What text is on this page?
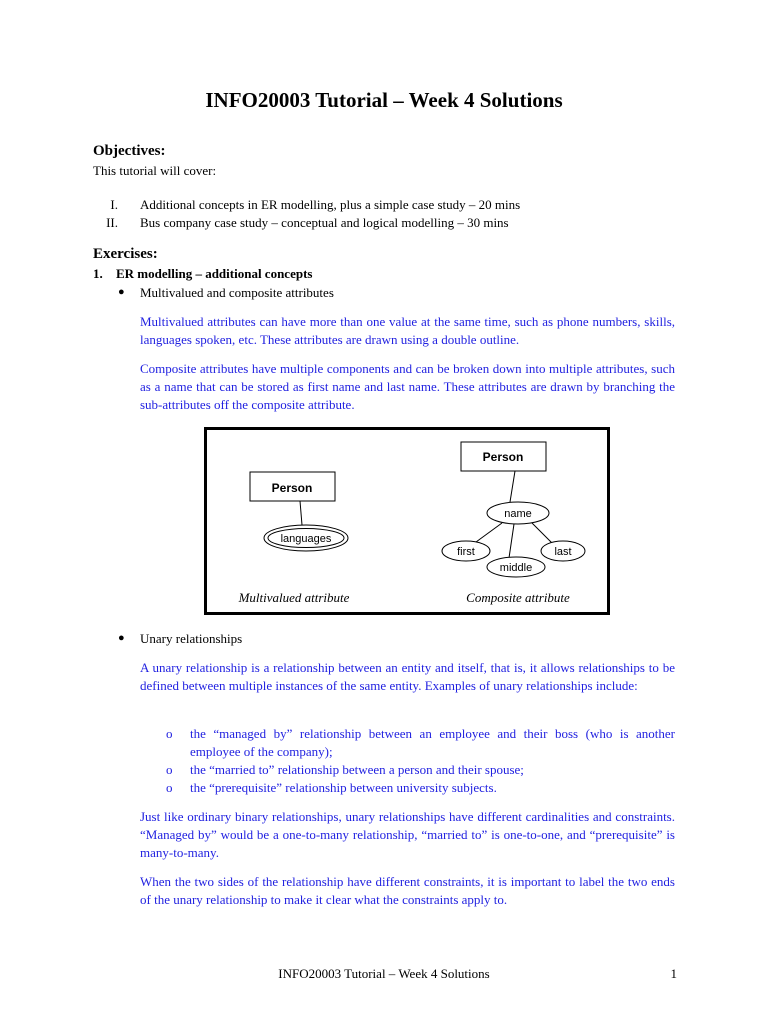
INFO20003 Tutorial – Week 4 Solutions
Objectives:
This tutorial will cover:
I. Additional concepts in ER modelling, plus a simple case study – 20 mins
II. Bus company case study – conceptual and logical modelling – 30 mins
Exercises:
1. ER modelling – additional concepts
● Multivalued and composite attributes
Multivalued attributes can have more than one value at the same time, such as phone numbers, skills, languages spoken, etc. These attributes are drawn using a double outline.
Composite attributes have multiple components and can be broken down into multiple attributes, such as a name that can be stored as first name and last name. These attributes are drawn by branching the sub-attributes off the composite attribute.
Person
languages
Multivalued attribute
Person
name
first
middle
last
Composite attribute
● Unary relationships
A unary relationship is a relationship between an entity and itself, that is, it allows relationships to be defined between multiple instances of the same entity. Examples of unary relationships include:
o the “managed by” relationship between an employee and their boss (who is another employee of the company);
o the “married to” relationship between a person and their spouse;
o the “prerequisite” relationship between university subjects.
Just like ordinary binary relationships, unary relationships have different cardinalities and constraints. “Managed by” would be a one-to-many relationship, “married to” is one-to-one, and “prerequisite” is many-to-many.
When the two sides of the relationship have different constraints, it is important to label the two ends of the unary relationship to make it clear what the constraints apply to.
INFO20003 Tutorial – Week 4 Solutions	1
